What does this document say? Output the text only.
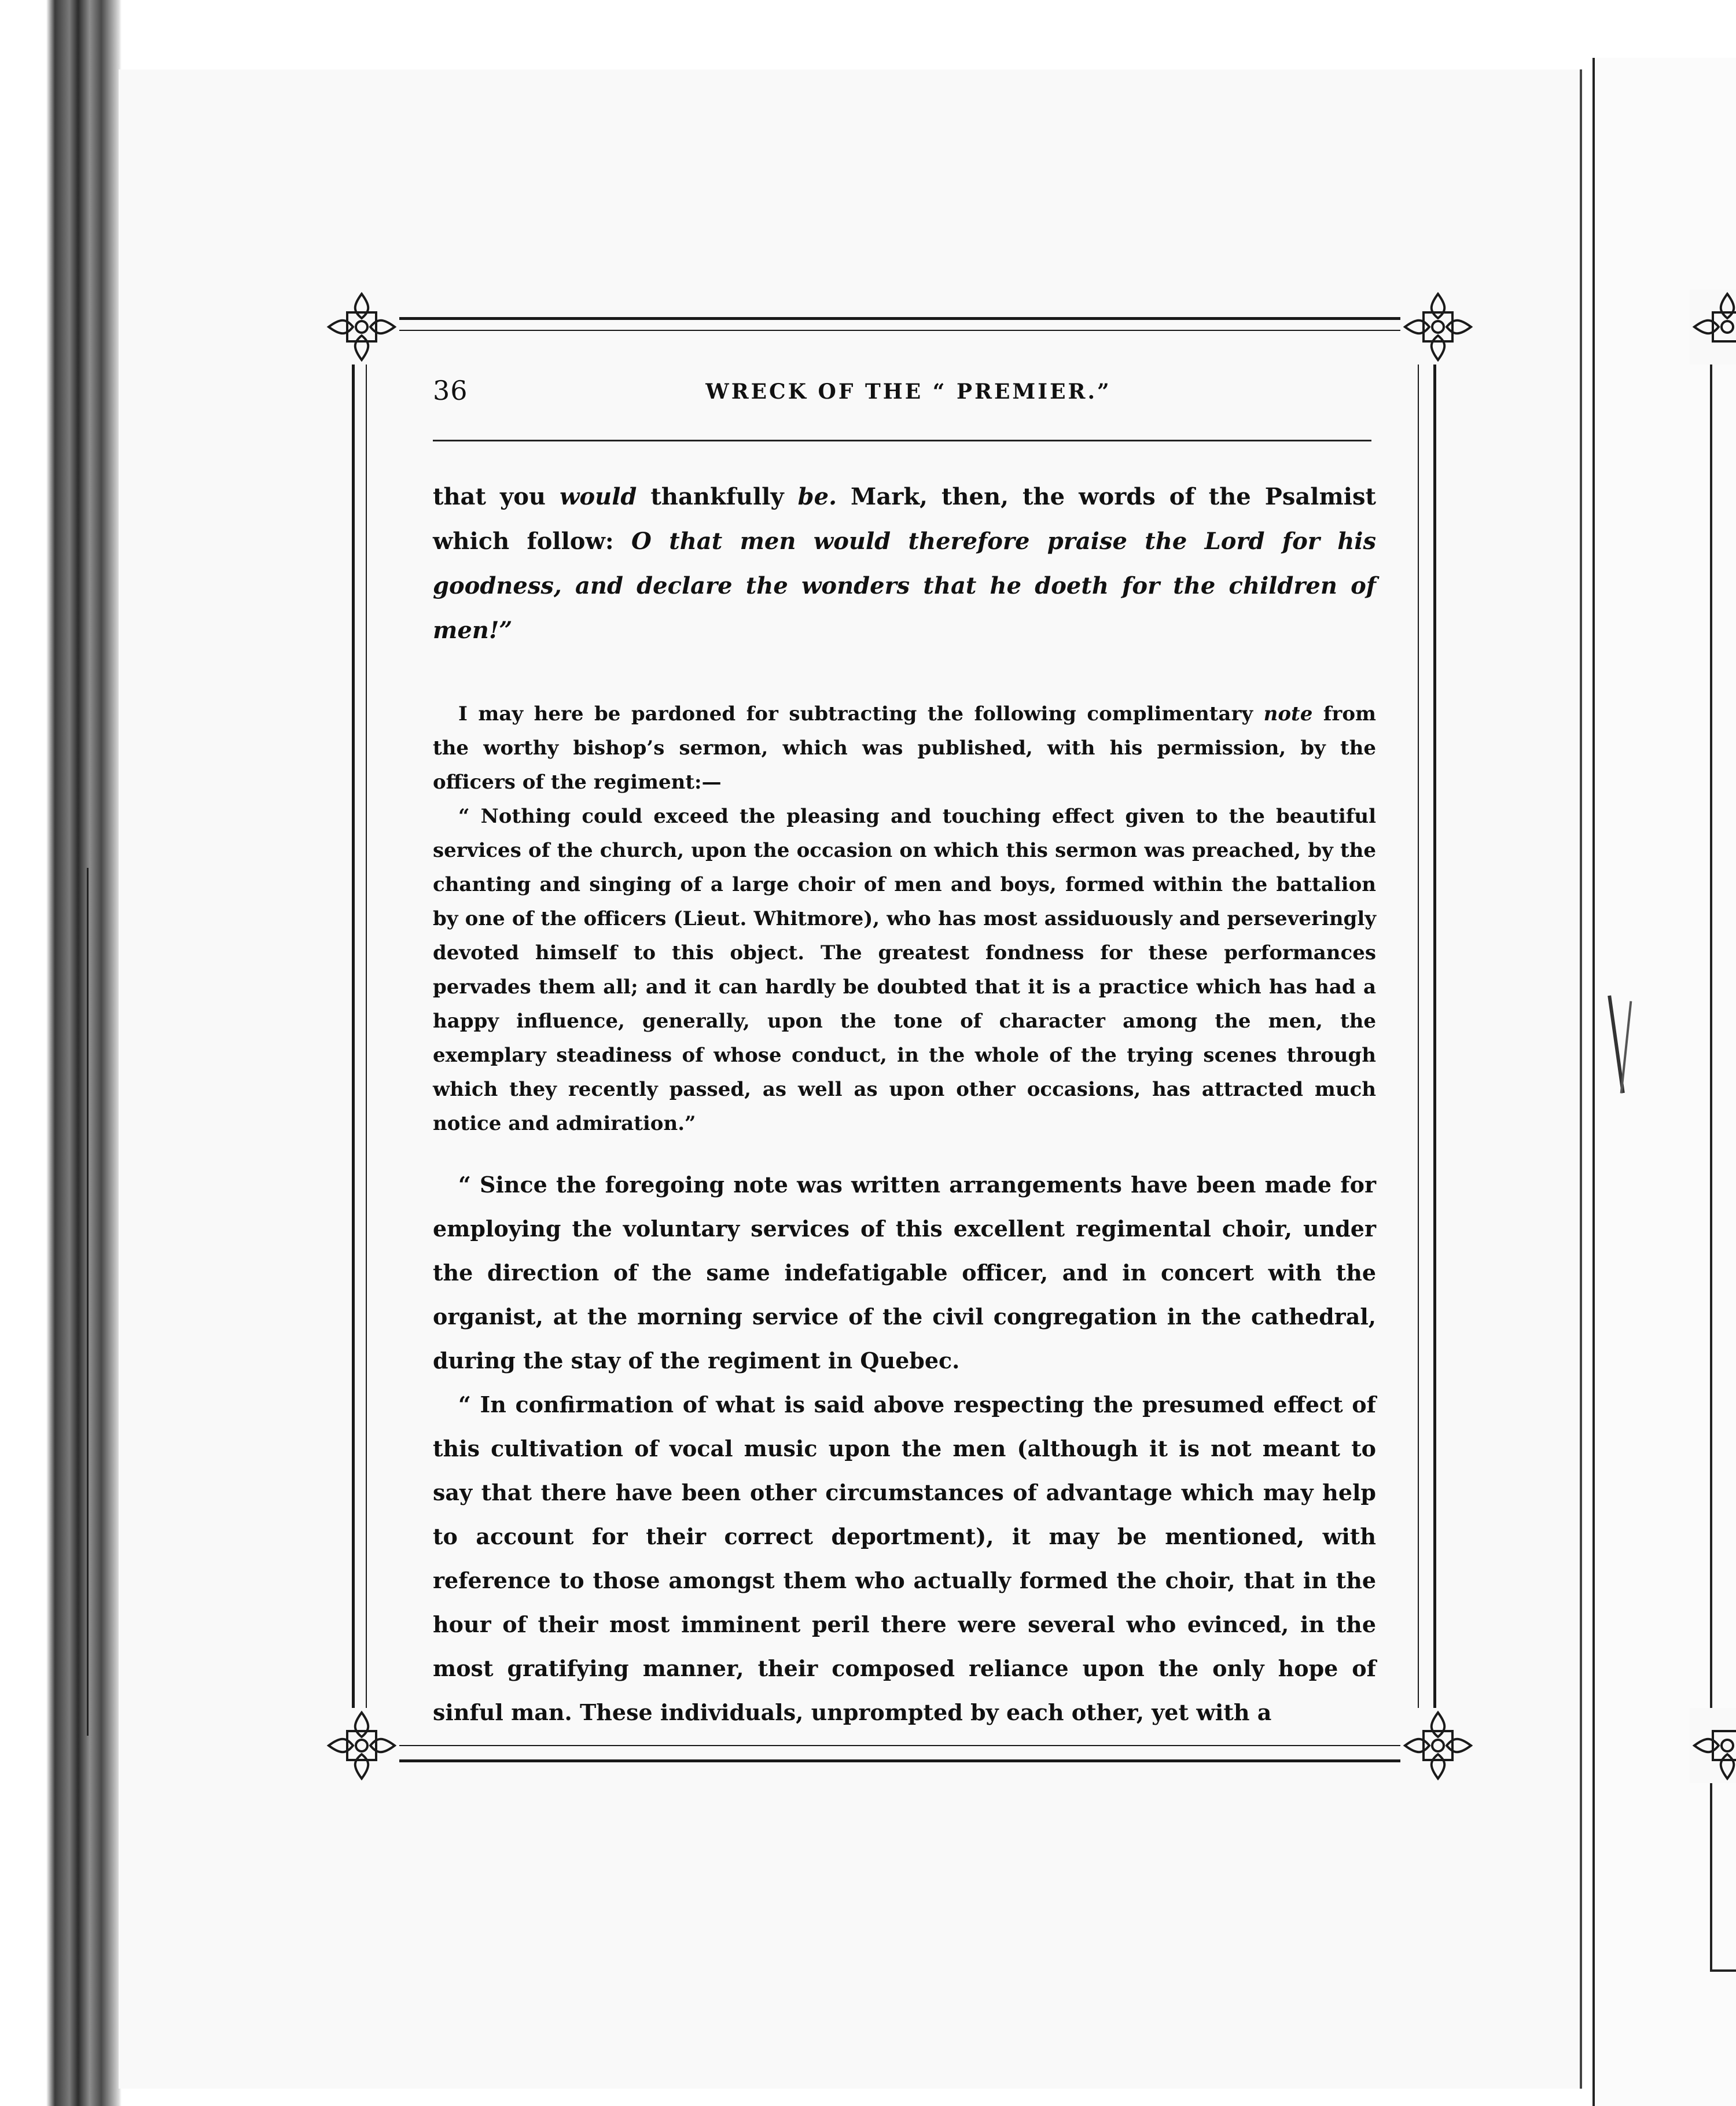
36	WRECK OF THE “ PREMIER.”
that you would thankfully be. Mark, then, the words of the Psalmist which follow: O that men would therefore praise the Lord for his goodness, and declare the wonders that he doeth for the children of men!”
I may here be pardoned for subtracting the following complimentary note from the worthy bishop’s sermon, which was published, with his permission, by the officers of the regiment:—
“ Nothing could exceed the pleasing and touching effect given to the beautiful services of the church, upon the occasion on which this sermon was preached, by the chanting and singing of a large choir of men and boys, formed within the battalion by one of the officers (Lieut. Whitmore), who has most assiduously and perseveringly devoted himself to this object. The greatest fondness for these performances pervades them all; and it can hardly be doubted that it is a practice which has had a happy influence, generally, upon the tone of character among the men, the exemplary steadiness of whose conduct, in the whole of the trying scenes through which they recently passed, as well as upon other occasions, has attracted much notice and admiration.”
“ Since the foregoing note was written arrangements have been made for employing the voluntary services of this excellent regimental choir, under the direction of the same indefatigable officer, and in concert with the organist, at the morning service of the civil congregation in the cathedral, during the stay of the regiment in Quebec.
“ In confirmation of what is said above respecting the presumed effect of this cultivation of vocal music upon the men (although it is not meant to say that there have been other circumstances of advantage which may help to account for their correct deportment), it may be mentioned, with reference to those amongst them who actually formed the choir, that in the hour of their most imminent peril there were several who evinced, in the most gratifying manner, their composed reliance upon the only hope of sinful man. These individuals, unprompted by each other, yet with a
